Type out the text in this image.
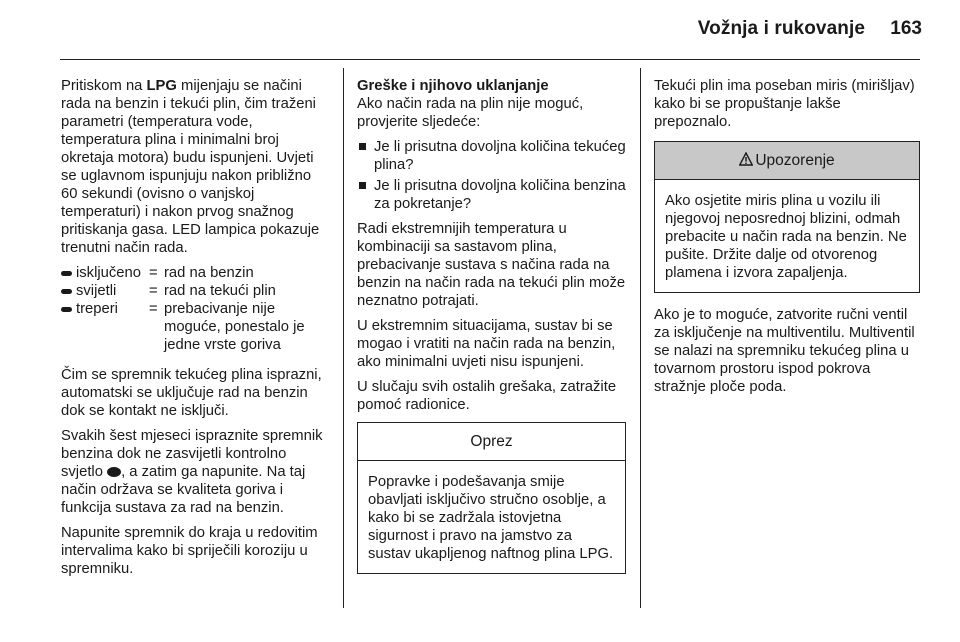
Vožnja i rukovanje	163

Pritiskom na LPG mijenjaju se načini rada na benzin i tekući plin, čim traženi parametri (temperatura vode, temperatura plina i minimalni broj okretaja motora) budu ispunjeni. Uvjeti se uglavnom ispunjuju nakon približno 60 sekundi (ovisno o vanjskoj temperaturi) i nakon prvog snažnog pritiskanja gasa. LED lampica pokazuje trenutni način rada.

isključeno = rad na benzin
svijetli = rad na tekući plin
treperi = prebacivanje nije moguće, ponestalo je jedne vrste goriva

Čim se spremnik tekućeg plina isprazni, automatski se uključuje rad na benzin dok se kontakt ne isključi.

Svakih šest mjeseci ispraznite spremnik benzina dok ne zasvijetli kontrolno svjetlo , a zatim ga napunite. Na taj način održava se kvaliteta goriva i funkcija sustava za rad na benzin.

Napunite spremnik do kraja u redovitim intervalima kako bi spriječili koroziju u spremniku.

Greške i njihovo uklanjanje

Ako način rada na plin nije moguć, provjerite sljedeće:

Je li prisutna dovoljna količina tekućeg plina?
Je li prisutna dovoljna količina benzina za pokretanje?

Radi ekstremnijih temperatura u kombinaciji sa sastavom plina, prebacivanje sustava s načina rada na benzin na način rada na tekući plin može neznatno potrajati.

U ekstremnim situacijama, sustav bi se mogao i vratiti na način rada na benzin, ako minimalni uvjeti nisu ispunjeni.

U slučaju svih ostalih grešaka, zatražite pomoć radionice.

Oprez
Popravke i podešavanja smije obavljati isključivo stručno osoblje, a kako bi se zadržala istovjetna sigurnost i pravo na jamstvo za sustav ukapljenog naftnog plina LPG.

Tekući plin ima poseban miris (mirišljav) kako bi se propuštanje lakše prepoznalo.

Upozorenje
Ako osjetite miris plina u vozilu ili njegovoj neposrednoj blizini, odmah prebacite u način rada na benzin. Ne pušite. Držite dalje od otvorenog plamena i izvora zapaljenja.

Ako je to moguće, zatvorite ručni ventil za isključenje na multiventilu. Multiventil se nalazi na spremniku tekućeg plina u tovarnom prostoru ispod pokrova stražnje ploče poda.
